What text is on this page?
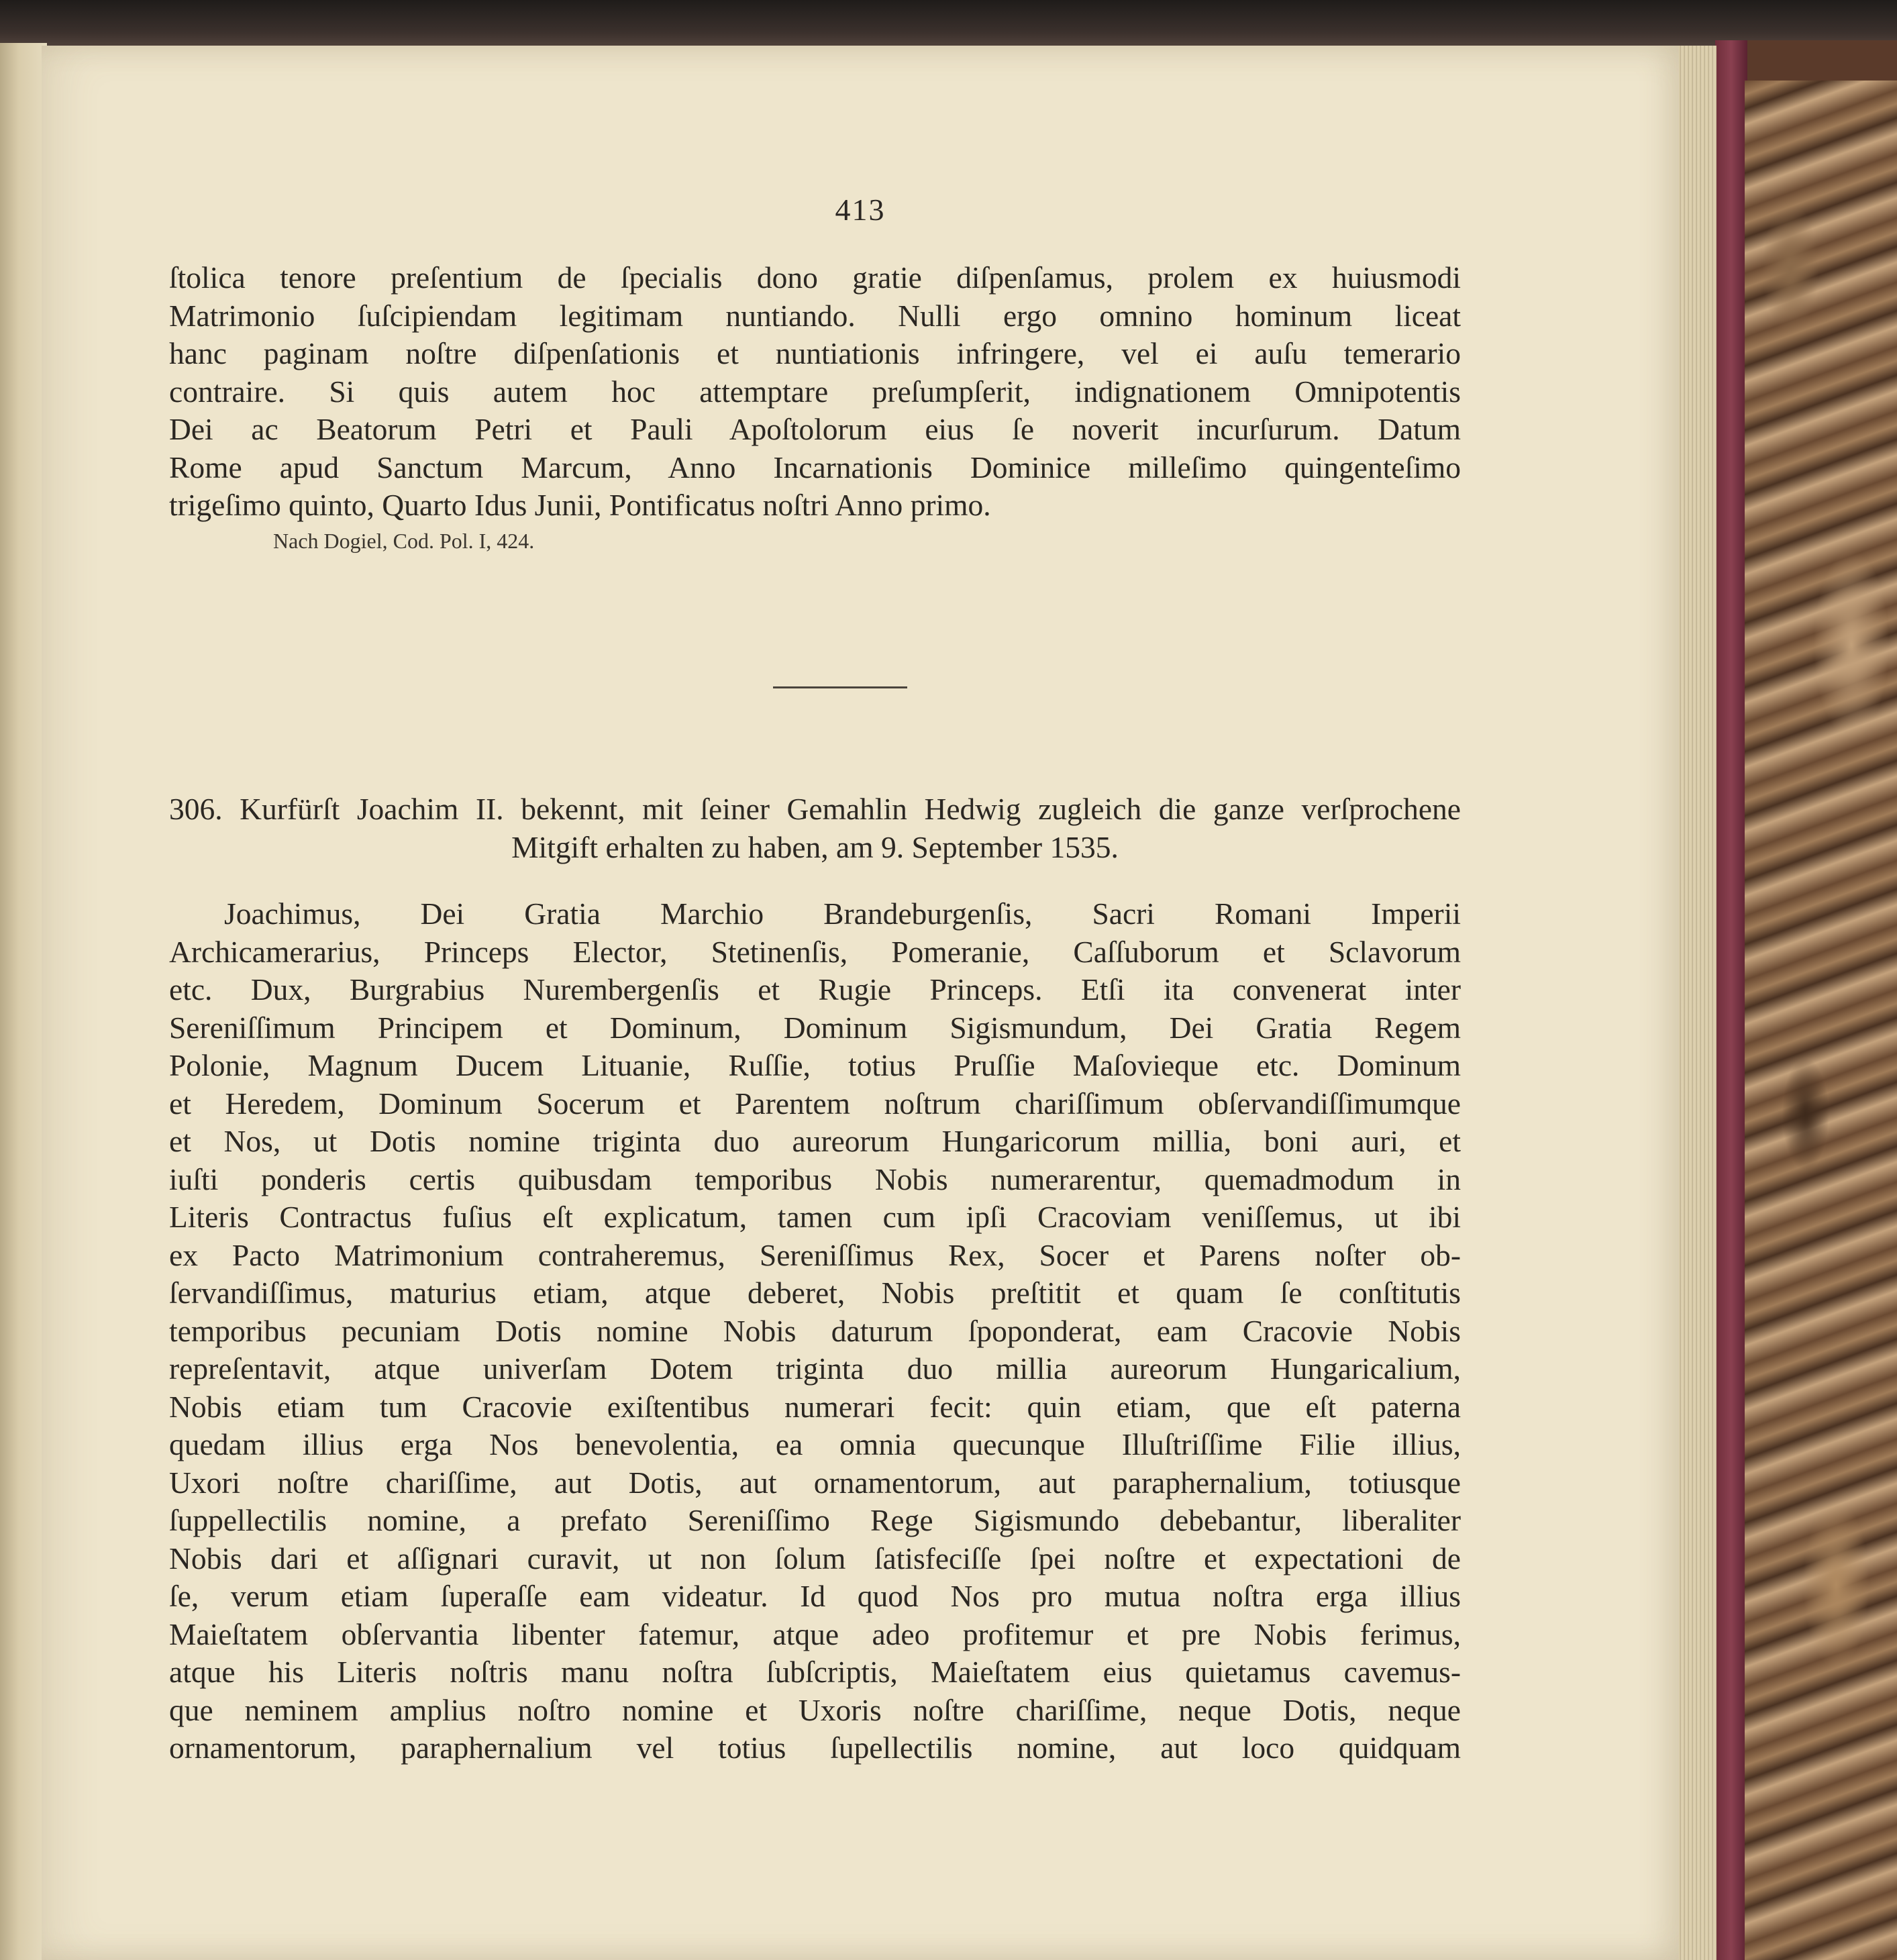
413
ſtolica tenore preſentium de ſpecialis dono gratie diſpenſamus, prolem ex huiusmodi
Matrimonio ſuſcipiendam legitimam nuntiando. Nulli ergo omnino hominum liceat
hanc paginam noſtre diſpenſationis et nuntiationis infringere, vel ei auſu temerario
contraire. Si quis autem hoc attemptare preſumpſerit, indignationem Omnipotentis
Dei ac Beatorum Petri et Pauli Apoſtolorum eius ſe noverit incurſurum. Datum
Rome apud Sanctum Marcum, Anno Incarnationis Dominice milleſimo quingenteſimo
trigeſimo quinto, Quarto Idus Junii, Pontificatus noſtri Anno primo.
Nach Dogiel, Cod. Pol. I, 424.
306. Kurfürſt Joachim II. bekennt, mit ſeiner Gemahlin Hedwig zugleich die ganze verſprochene
Mitgift erhalten zu haben, am 9. September 1535.
Joachimus, Dei Gratia Marchio Brandeburgenſis, Sacri Romani Imperii
Archicamerarius, Princeps Elector, Stetinenſis, Pomeranie, Caſſuborum et Sclavorum
etc. Dux, Burgrabius Nurembergenſis et Rugie Princeps. Etſi ita convenerat inter
Sereniſſimum Principem et Dominum, Dominum Sigismundum, Dei Gratia Regem
Polonie, Magnum Ducem Lituanie, Ruſſie, totius Pruſſie Maſovieque etc. Dominum
et Heredem, Dominum Socerum et Parentem noſtrum chariſſimum obſervandiſſimumque
et Nos, ut Dotis nomine triginta duo aureorum Hungaricorum millia, boni auri, et
iuſti ponderis certis quibusdam temporibus Nobis numerarentur, quemadmodum in
Literis Contractus fuſius eſt explicatum, tamen cum ipſi Cracoviam veniſſemus, ut ibi
ex Pacto Matrimonium contraheremus, Sereniſſimus Rex, Socer et Parens noſter ob-
ſervandiſſimus, maturius etiam, atque deberet, Nobis preſtitit et quam ſe conſtitutis
temporibus pecuniam Dotis nomine Nobis daturum ſpoponderat, eam Cracovie Nobis
repreſentavit, atque univerſam Dotem triginta duo millia aureorum Hungaricalium,
Nobis etiam tum Cracovie exiſtentibus numerari fecit: quin etiam, que eſt paterna
quedam illius erga Nos benevolentia, ea omnia quecunque Illuſtriſſime Filie illius,
Uxori noſtre chariſſime, aut Dotis, aut ornamentorum, aut paraphernalium, totiusque
ſuppellectilis nomine, a prefato Sereniſſimo Rege Sigismundo debebantur, liberaliter
Nobis dari et aſſignari curavit, ut non ſolum ſatisfeciſſe ſpei noſtre et expectationi de
ſe, verum etiam ſuperaſſe eam videatur. Id quod Nos pro mutua noſtra erga illius
Maieſtatem obſervantia libenter fatemur, atque adeo profitemur et pre Nobis ferimus,
atque his Literis noſtris manu noſtra ſubſcriptis, Maieſtatem eius quietamus cavemus-
que neminem amplius noſtro nomine et Uxoris noſtre chariſſime, neque Dotis, neque
ornamentorum, paraphernalium vel totius ſupellectilis nomine, aut loco quidquam
